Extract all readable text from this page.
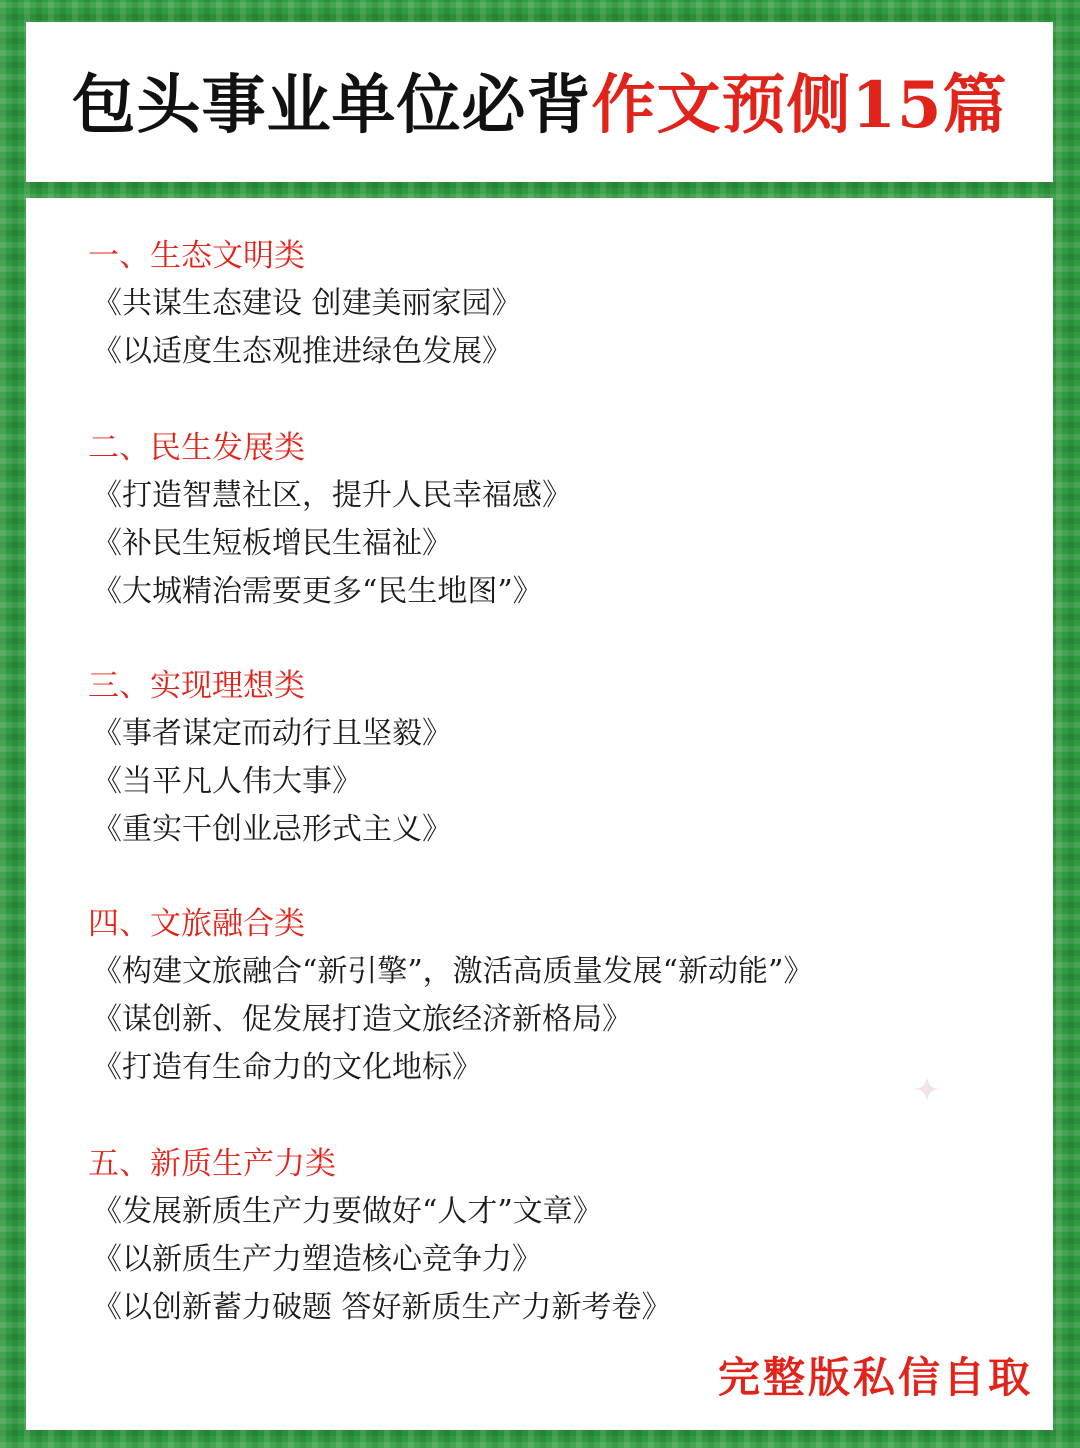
包头事业单位必背作文预侧15篇
一、生态文明类

《共谋生态建设 创建美丽家园》

《以适度生态观推进绿色发展》

二、民生发展类

《打造智慧社区，提升人民幸福感》

《补民生短板增民生福祉》

《大城精治需要更多“民生地图”》

三、实现理想类

《事者谋定而动行且坚毅》

《当平凡人伟大事》

《重实干创业忌形式主义》

四、文旅融合类

《构建文旅融合“新引擎”，激活高质量发展“新动能”》

《谋创新、促发展打造文旅经济新格局》

《打造有生命力的文化地标》

五、新质生产力类

《发展新质生产力要做好“人才”文章》

《以新质生产力塑造核心竞争力》

《以创新蓄力破题 答好新质生产力新考卷》

完整版私信自取
